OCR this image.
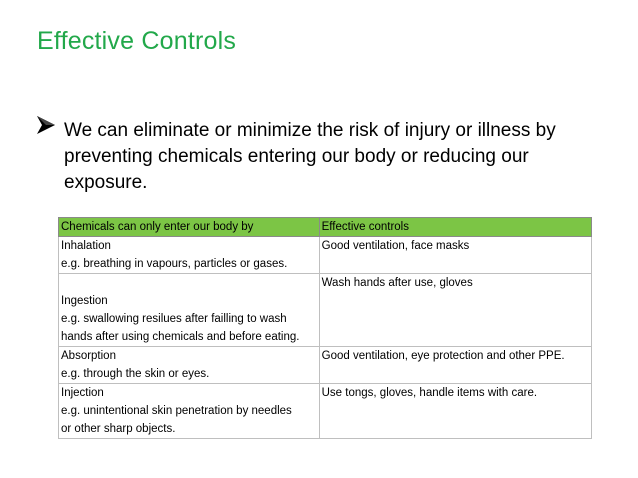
Effective Controls
We can eliminate or minimize the risk of injury or illness by preventing chemicals entering our body or reducing our exposure.
Chemicals can only enter our body by	Effective controls

Inhalation
e.g. breathing in vapours, particles or gases.	Good ventilation, face masks

Ingestion
e.g. swallowing resilues after failling to wash
hands after using chemicals and before eating.	Wash hands after use, gloves

Absorption
e.g. through the skin or eyes.	Good ventilation, eye protection and other PPE.

Injection
e.g. unintentional skin penetration by needles
or other sharp objects.	Use tongs, gloves, handle items with care.
